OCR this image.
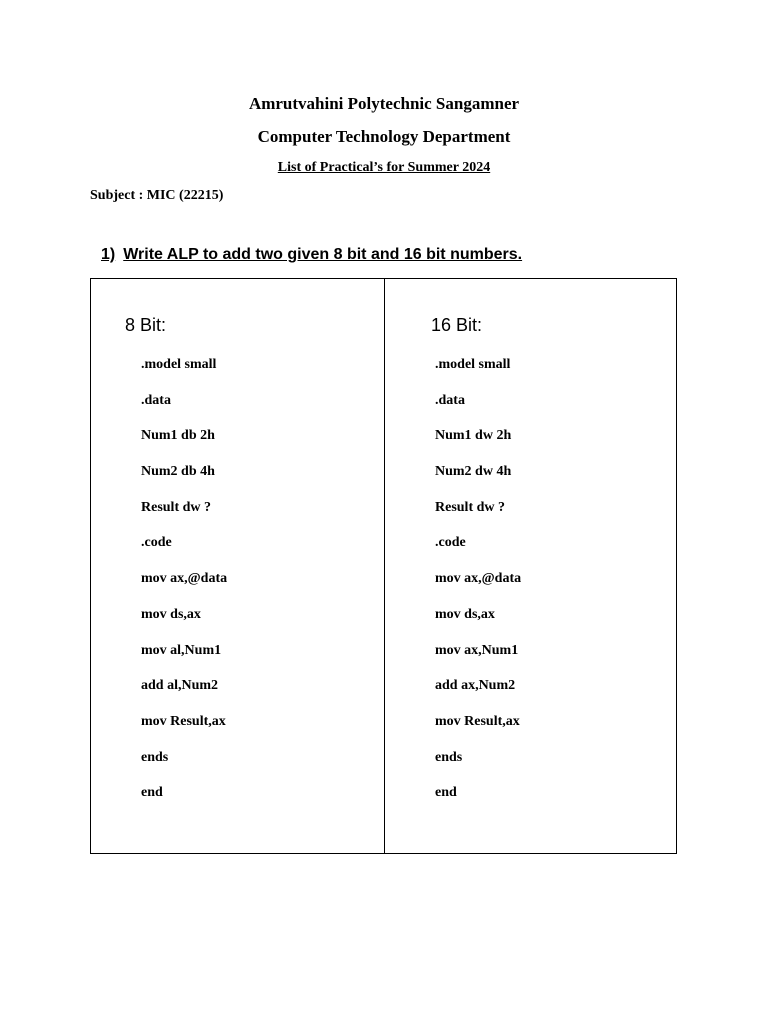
Amrutvahini Polytechnic Sangamner
Computer Technology Department
List of Practical’s for Summer 2024
Subject : MIC (22215)
1) Write ALP to add two given 8 bit and 16 bit numbers.
8 Bit:
.model small
.data
Num1 db 2h
Num2 db 4h
Result dw ?
.code
mov ax,@data
mov ds,ax
mov al,Num1
add al,Num2
mov Result,ax
ends
end
16 Bit:
.model small
.data
Num1 dw 2h
Num2 dw 4h
Result dw ?
.code
mov ax,@data
mov ds,ax
mov ax,Num1
add ax,Num2
mov Result,ax
ends
end
